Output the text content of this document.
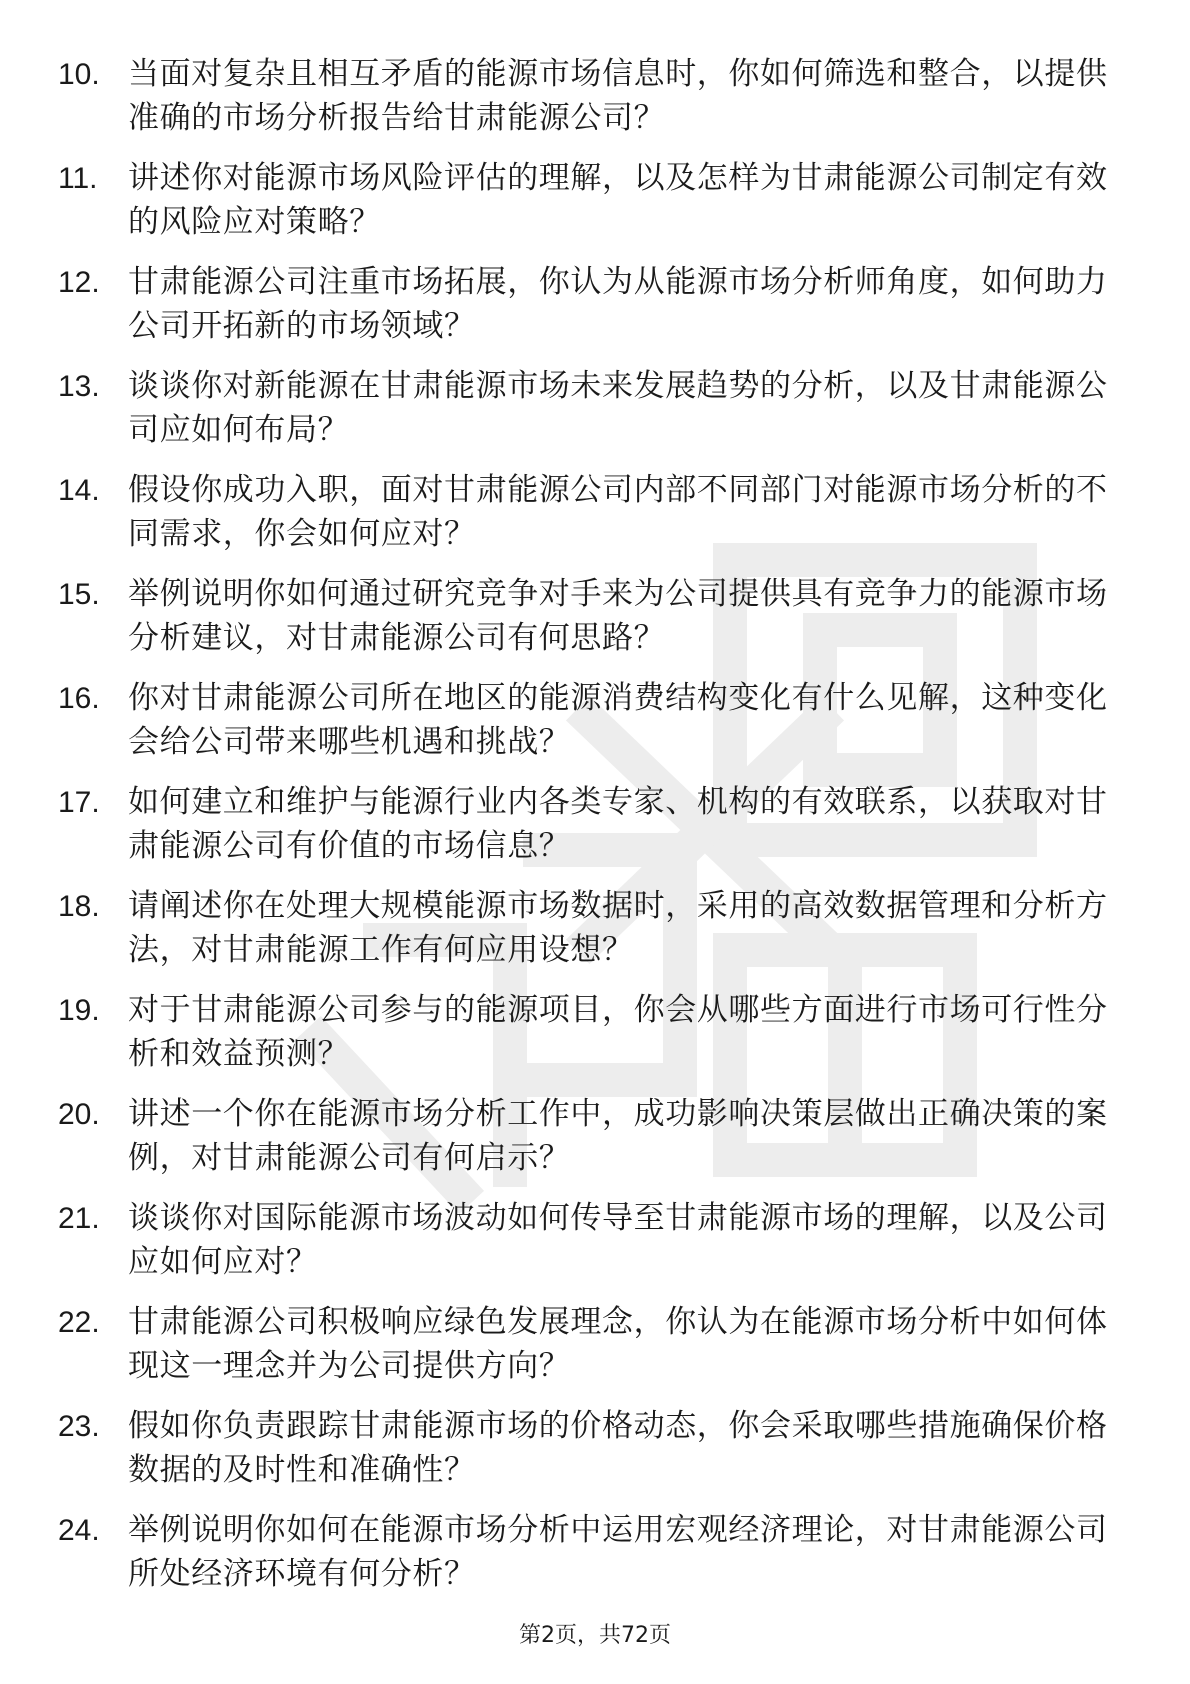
10. 当面对复杂且相互矛盾的能源市场信息时，你如何筛选和整合，以提供准确的市场分析报告给甘肃能源公司？
11. 讲述你对能源市场风险评估的理解，以及怎样为甘肃能源公司制定有效的风险应对策略？
12. 甘肃能源公司注重市场拓展，你认为从能源市场分析师角度，如何助力公司开拓新的市场领域？
13. 谈谈你对新能源在甘肃能源市场未来发展趋势的分析，以及甘肃能源公司应如何布局？
14. 假设你成功入职，面对甘肃能源公司内部不同部门对能源市场分析的不同需求，你会如何应对？
15. 举例说明你如何通过研究竞争对手来为公司提供具有竞争力的能源市场分析建议，对甘肃能源公司有何思路？
16. 你对甘肃能源公司所在地区的能源消费结构变化有什么见解，这种变化会给公司带来哪些机遇和挑战？
17. 如何建立和维护与能源行业内各类专家、机构的有效联系，以获取对甘肃能源公司有价值的市场信息？
18. 请阐述你在处理大规模能源市场数据时，采用的高效数据管理和分析方法，对甘肃能源工作有何应用设想？
19. 对于甘肃能源公司参与的能源项目，你会从哪些方面进行市场可行性分析和效益预测？
20. 讲述一个你在能源市场分析工作中，成功影响决策层做出正确决策的案例，对甘肃能源公司有何启示？
21. 谈谈你对国际能源市场波动如何传导至甘肃能源市场的理解，以及公司应如何应对？
22. 甘肃能源公司积极响应绿色发展理念，你认为在能源市场分析中如何体现这一理念并为公司提供方向？
23. 假如你负责跟踪甘肃能源市场的价格动态，你会采取哪些措施确保价格数据的及时性和准确性？
24. 举例说明你如何在能源市场分析中运用宏观经济理论，对甘肃能源公司所处经济环境有何分析？
第2页，共72页
